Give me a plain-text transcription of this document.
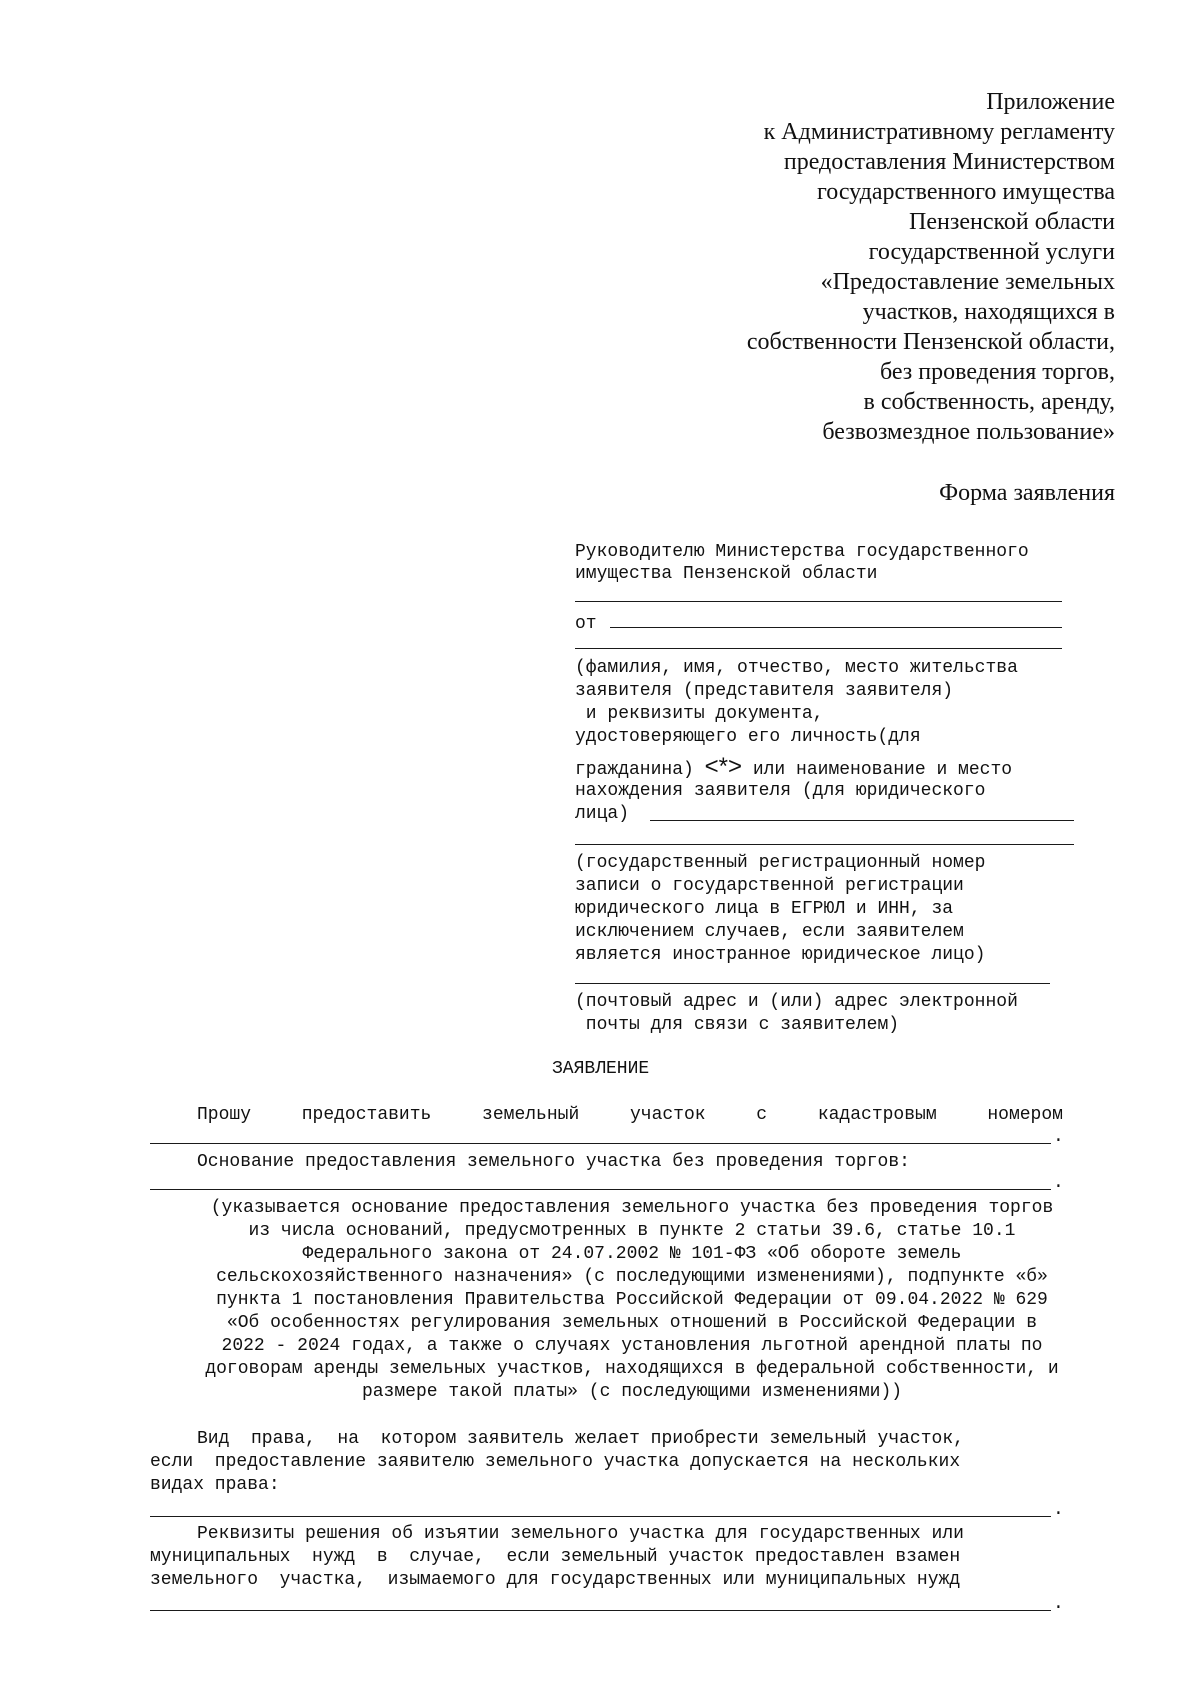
Приложение
к Административному регламенту
предоставления Министерством
государственного имущества
Пензенской области
государственной услуги
«Предоставление земельных
участков, находящихся в
собственности Пензенской области,
без проведения торгов,
в собственность, аренду,
безвозмездное пользование»
Форма заявления
Руководителю Министерства государственного
имущества Пензенской области
от
(фамилия, имя, отчество, место жительства
заявителя (представителя заявителя)
и реквизиты документа,
удостоверяющего его личность(для
гражданина) <*> или наименование и место
нахождения заявителя (для юридического
лица)
(государственный регистрационный номер
записи о государственной регистрации
юридического лица в ЕГРЮЛ и ИНН, за
исключением случаев, если заявителем
является иностранное юридическое лицо)
(почтовый адрес и (или) адрес электронной
почты для связи с заявителем)
ЗАЯВЛЕНИЕ
Прошу	предоставить	земельный	участок	с	кадастровым	номером
.
Основание предоставления земельного участка без проведения торгов:
.
(указывается основание предоставления земельного участка без проведения торгов
из числа оснований, предусмотренных в пункте 2 статьи 39.6, статье 10.1
Федерального закона от 24.07.2002 № 101-ФЗ «Об обороте земель
сельскохозяйственного назначения» (с последующими изменениями), подпункте «б»
пункта 1 постановления Правительства Российской Федерации от 09.04.2022 № 629
«Об особенностях регулирования земельных отношений в Российской Федерации в
2022 - 2024 годах, а также о случаях установления льготной арендной платы по
договорам аренды земельных участков, находящихся в федеральной собственности, и
размере такой платы» (с последующими изменениями))
Вид  права,  на  котором заявитель желает приобрести земельный участок,
если  предоставление заявителю земельного участка допускается на нескольких
видах права:
.
Реквизиты решения об изъятии земельного участка для государственных или
муниципальных  нужд  в  случае,  если земельный участок предоставлен взамен
земельного  участка,  изымаемого для государственных или муниципальных нужд
.
